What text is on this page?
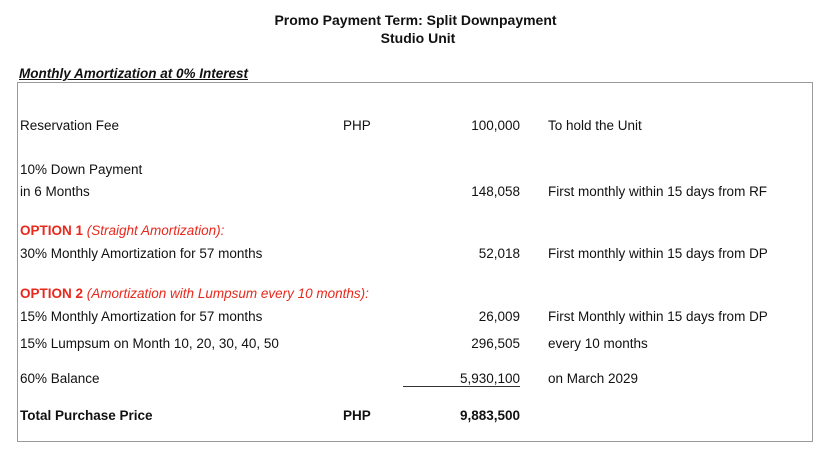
Promo Payment Term: Split Downpayment
Studio Unit
Monthly Amortization at 0% Interest
Reservation Fee	PHP	100,000 To hold the Unit
10% Down Payment
in 6 Months	148,058 First monthly within 15 days from RF
OPTION 1 (Straight Amortization):
30% Monthly Amortization for 57 months	52,018 First monthly within 15 days from DP
OPTION 2 (Amortization with Lumpsum every 10 months):
15% Monthly Amortization for 57 months	26,009 First Monthly within 15 days from DP
15% Lumpsum on Month 10, 20, 30, 40, 50	296,505 every 10 months
60% Balance	5,930,100 on March 2029
Total Purchase Price	PHP	9,883,500
